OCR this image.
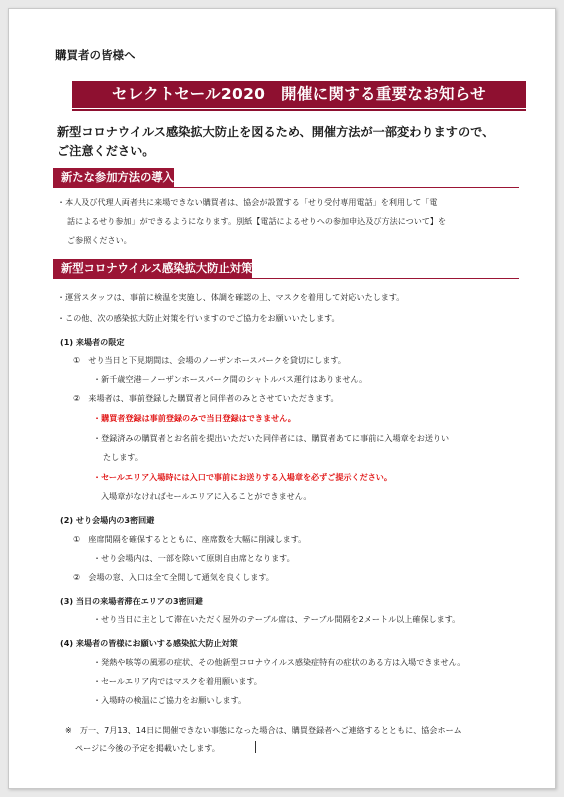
購買者の皆様へ
セレクトセール2020　開催に関する重要なお知らせ
新型コロナウイルス感染拡大防止を図るため、開催方法が一部変わりますので、
ご注意ください。
新たな参加方法の導入
・本人及び代理人両者共に来場できない購買者は、協会が設置する「せり受付専用電話」を利用して「電
話によるせり参加」ができるようになります。別紙【電話によるせりへの参加申込及び方法について】を
ご参照ください。
新型コロナウイルス感染拡大防止対策
・運営スタッフは、事前に検温を実施し、体調を確認の上、マスクを着用して対応いたします。
・この他、次の感染拡大防止対策を行いますのでご協力をお願いいたします。
(1) 来場者の限定
①　せり当日と下見期間は、会場のノーザンホースパークを貸切にします。
・新千歳空港－ノーザンホースパーク間のシャトルバス運行はありません。
②　来場者は、事前登録した購買者と同伴者のみとさせていただきます。
・購買者登録は事前登録のみで当日登録はできません。
・登録済みの購買者とお名前を提出いただいた同伴者には、購買者あてに事前に入場章をお送りい
たします。
・セールエリア入場時には入口で事前にお送りする入場章を必ずご提示ください。
入場章がなければセールエリアに入ることができません。
(2) せり会場内の3密回避
①　座席間隔を確保するとともに、座席数を大幅に削減します。
・せり会場内は、一部を除いて原則自由席となります。
②　会場の窓、入口は全て全開して通気を良くします。
(3) 当日の来場者滞在エリアの3密回避
・せり当日に主として滞在いただく屋外のテーブル席は、テーブル間隔を2メートル以上確保します。
(4) 来場者の皆様にお願いする感染拡大防止対策
・発熱や咳等の風邪の症状、その他新型コロナウイルス感染症特有の症状のある方は入場できません。
・セールエリア内ではマスクを着用願います。
・入場時の検温にご協力をお願いします。
※　万一、7月13、14日に開催できない事態になった場合は、購買登録者へご連絡するとともに、協会ホーム
ページに今後の予定を掲載いたします。
